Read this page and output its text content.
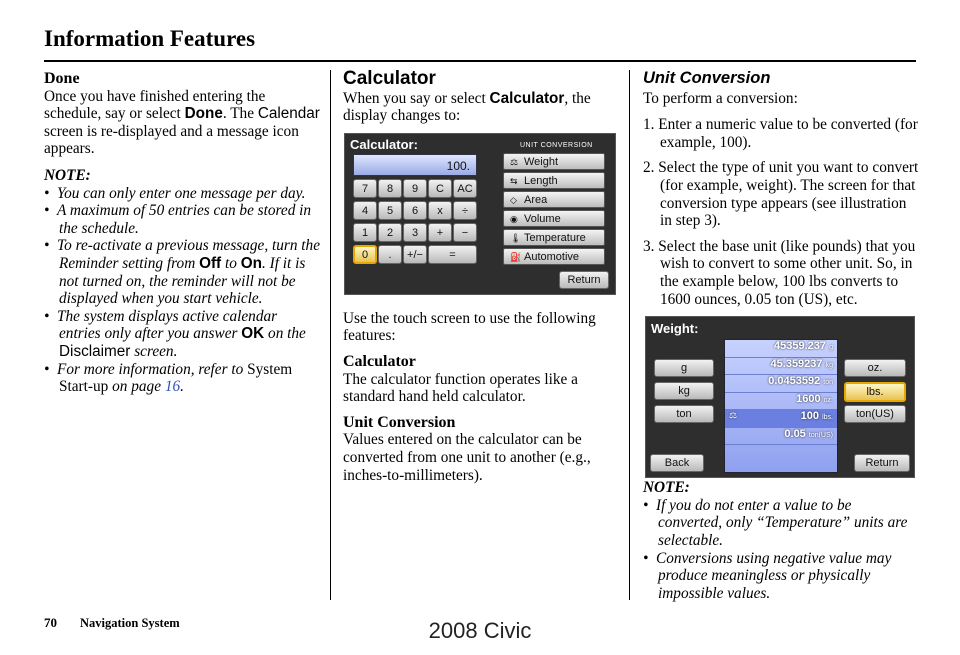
Information Features

Done

Once you have finished entering the schedule, say or select Done. The Calendar screen is re-displayed and a message icon appears.

NOTE:

•  You can only enter one message per day.

•  A maximum of 50 entries can be stored in the schedule.

•  To re-activate a previous message, turn the Reminder setting from Off to On. If it is not turned on, the reminder will not be displayed when you start vehicle.

•  The system displays active calendar entries only after you answer OK on the Disclaimer screen.

•  For more information, refer to System Start-up on page 16.

Calculator

When you say or select Calculator, the display changes to:

Use the touch screen to use the following features:

Calculator

The calculator function operates like a standard hand held calculator.

Unit Conversion

Values entered on the calculator can be converted from one unit to another (e.g., inches-to-millimeters).

Calculator:	UNIT CONVERSION
100.
7	8	9	C	AC
4	5	6	x	÷
1	2	3	+	−
0	.	+/−	=
⚖ Weight
⇆ Length
◇ Area
◉ Volume
🌡 Temperature
⛽ Automotive
Return

Unit Conversion

To perform a conversion:

1. Enter a numeric value to be converted (for example, 100).

2. Select the type of unit you want to convert (for example, weight). The screen for that conversion type appears (see illustration in step 3).

3. Select the base unit (like pounds) that you wish to convert to some other unit. So, in the example below, 100 lbs converts to 1600 ounces, 0.05 ton (US), etc.

NOTE:

•  If you do not enter a value to be converted, only “Temperature” units are selectable.

•  Conversions using negative value may produce meaningless or physically impossible values.

Weight:
g
kg
ton
oz.
lbs.
ton(US)
45359.237 g
45.359237 kg
0.0453592 ton
1600 oz.
⚖	100 lbs.
0.05 ton(US)
Back	Return
70 Navigation System	2008 Civic
